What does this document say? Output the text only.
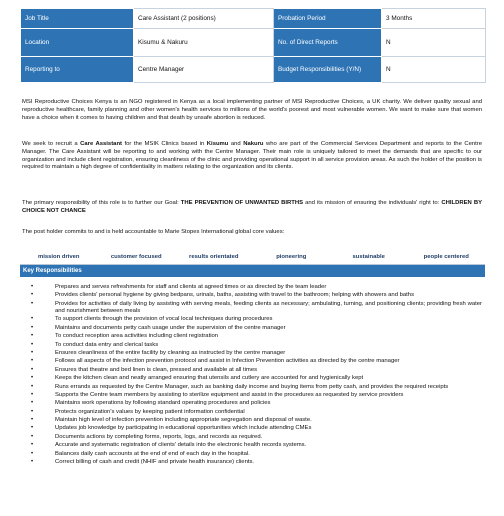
Job Title	Care Assistant (2 positions)	Probation Period	3 Months
Location	Kisumu & Nakuru	No. of Direct Reports	N
Reporting to	Centre Manager	Budget Responsibilities (Y/N)	N

MSI Reproductive Choices Kenya is an NGO registered in Kenya as a local implementing partner of MSI Reproductive Choices, a UK charity. We deliver quality sexual and reproductive healthcare, family planning and other women's health services to millions of the world's poorest and most vulnerable women. We want to make sure that women have a choice when it comes to having children and that death by unsafe abortion is reduced.

We seek to recruit a Care Assistant for the MSIK Clinics based in Kisumu and Nakuru who are part of the Commercial Services Department and reports to the Centre Manager. The Care Assistant will be reporting to and working with the Centre Manager. Their main role is uniquely tailored to meet the demands that are specific to our organization and include client registration, ensuring cleanliness of the clinic and providing operational support in all service provision areas. As such the holder of the position is required to maintain a high degree of confidentiality in matters relating to the organization and its clients.

The primary responsibility of this role is to further our Goal: THE PREVENTION OF UNWANTED BIRTHS and its mission of ensuring the individuals' right to: CHILDREN BY CHOICE NOT CHANCE

The post holder commits to and is held accountable to Marie Stopes International global core values:

mission driven	customer focused	results orientated	pioneering	sustainable	people centered
Key Responsibilities
•	Prepares and serves refreshments for staff and clients at agreed times or as directed by the team leader
•	Provides clients' personal hygiene by giving bedpans, urinals, baths, assisting with travel to the bathroom; helping with showers and baths
•	Provides for activities of daily living by assisting with serving meals, feeding clients as necessary; ambulating, turning, and positioning clients; providing fresh water and nourishment between meals
•	To support clients through the provision of vocal local techniques during procedures
•	Maintains and documents petty cash usage under the supervision of the centre manager
•	To conduct reception area activities including client registration
•	To conduct data entry and clerical tasks
•	Ensures cleanliness of the entire facility by cleaning as instructed by the centre manager
•	Follows all aspects of the infection prevention protocol and assist in Infection Prevention activities as directed by the centre manager
•	Ensures that theatre and bed linen is clean, pressed and available at all times
•	Keeps the kitchen clean and neatly arranged ensuring that utensils and cutlery are accounted for and hygienically kept
•	Runs errands as requested by the Centre Manager, such as banking daily income and buying items from petty cash, and provides the required receipts
•	Supports the Centre team members by assisting to sterilize equipment and assist in the procedures as requested by service providers
•	Maintains work operations by following standard operating procedures and policies
•	Protects organization's values by keeping patient information confidential
•	Maintain high level of infection prevention including appropriate segregation and disposal of waste.
•	Updates job knowledge by participating in educational opportunities which include attending CMEs
•	Documents actions by completing forms, reports, logs, and records as required.
•	Accurate and systematic registration of clients' details into the electronic health records systems.
•	Balances daily cash accounts at the end of end of each day in the hospital.
•	Correct billing of cash and credit (NHIF and private health insurance) clients.
